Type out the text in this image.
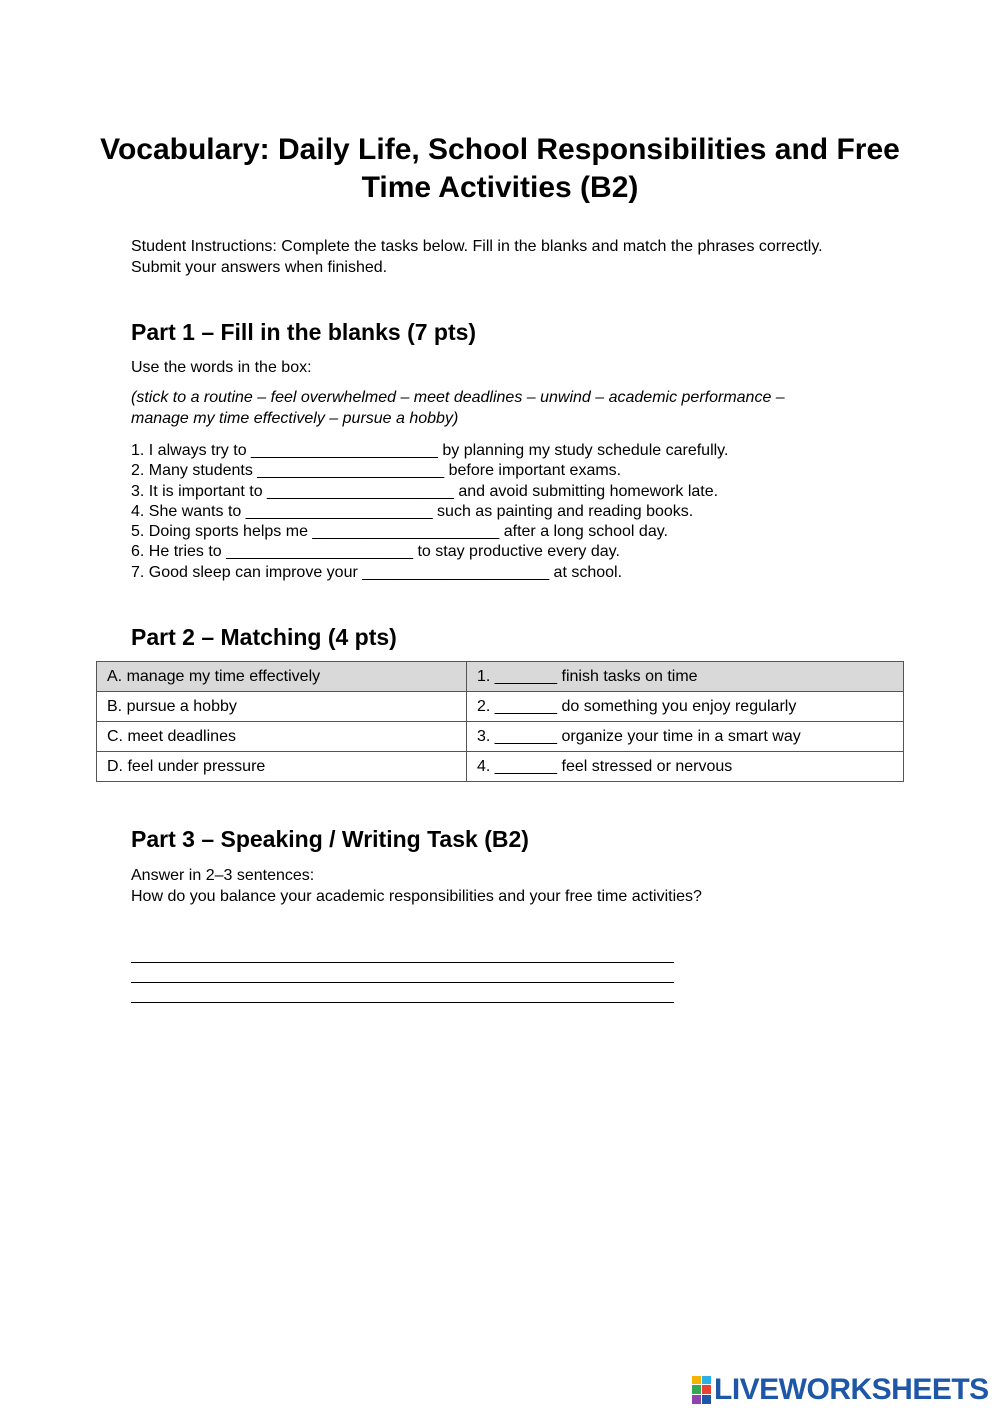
Vocabulary: Daily Life, School Responsibilities and Free Time Activities (B2)
Student Instructions: Complete the tasks below. Fill in the blanks and match the phrases correctly.
Submit your answers when finished.
Part 1 – Fill in the blanks (7 pts)
Use the words in the box:
(stick to a routine – feel overwhelmed – meet deadlines – unwind – academic performance –
manage my time effectively – pursue a hobby)
1. I always try to _____________________ by planning my study schedule carefully.
2. Many students _____________________ before important exams.
3. It is important to _____________________ and avoid submitting homework late.
4. She wants to _____________________ such as painting and reading books.
5. Doing sports helps me _____________________ after a long school day.
6. He tries to _____________________ to stay productive every day.
7. Good sleep can improve your _____________________ at school.
Part 2 – Matching (4 pts)
A. manage my time effectively	1. _______ finish tasks on time
B. pursue a hobby	2. _______ do something you enjoy regularly
C. meet deadlines	3. _______ organize your time in a smart way
D. feel under pressure	4. _______ feel stressed or nervous
Part 3 – Speaking / Writing Task (B2)
Answer in 2–3 sentences:
How do you balance your academic responsibilities and your free time activities?
LIVEWORKSHEETS
